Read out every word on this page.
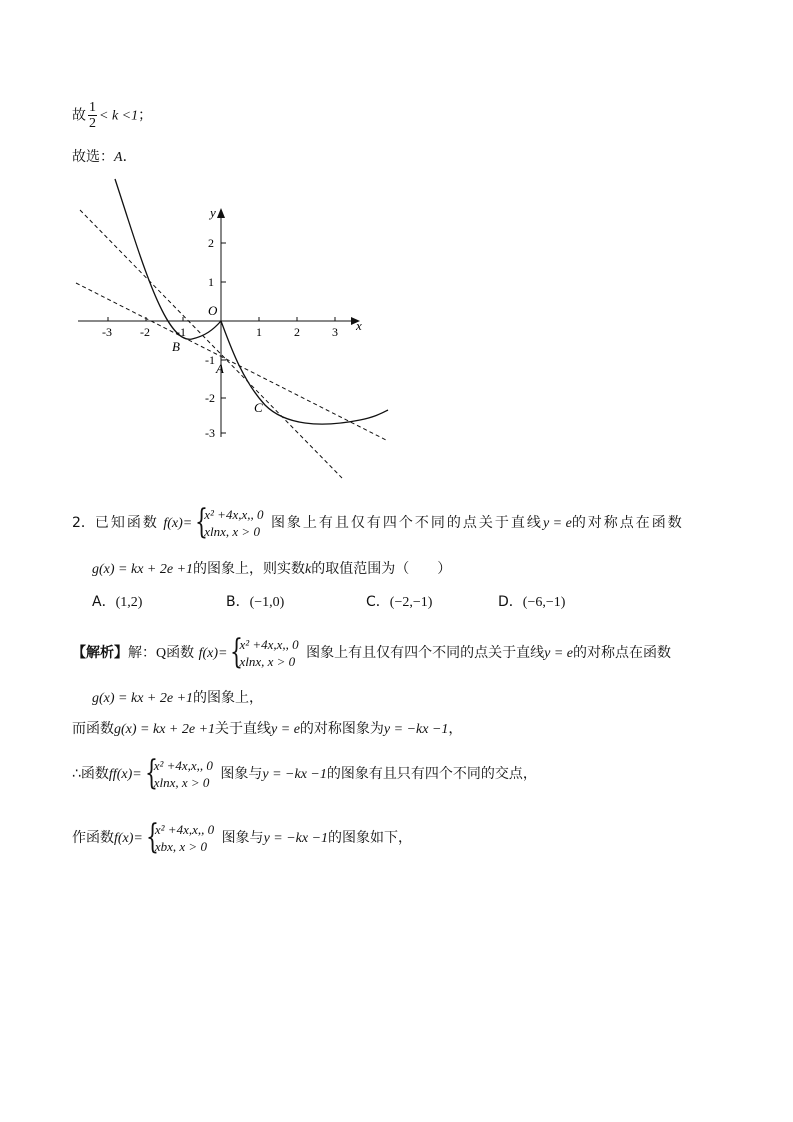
故 $\frac{1}{2} < k <1$；
故选：A．
y
x
O
-3 -2 -1	1	2	3
2
1
-1
-2
-3
B
A
C
2．已知函数 f(x)= {
x² +4x,x,, 0
xlnx, x > 0
图象上有且仅有四个不同的点关于直线y = e的对称点在函数
g(x) = kx + 2e +1的图象上，则实数k的取值范围为（　　）
A．(1,2)	B．(−1,0)	C．(−2,−1)	D．(−6,−1)
【解析】解：Q函数 f(x)= {
x² +4x,x,, 0
xlnx, x > 0
图象上有且仅有四个不同的点关于直线y = e的对称点在函数
g(x) = kx + 2e +1的图象上，
而函数g(x) = kx + 2e +1关于直线y = e的对称图象为y = −kx −1，
∴函数ff(x)= {
x² +4x,x,, 0
xlnx, x > 0
图象与y = −kx −1的图象有且只有四个不同的交点，
作函数f(x)= {
x² +4x,x,, 0
xbx, x > 0
图象与y = −kx −1的图象如下，
